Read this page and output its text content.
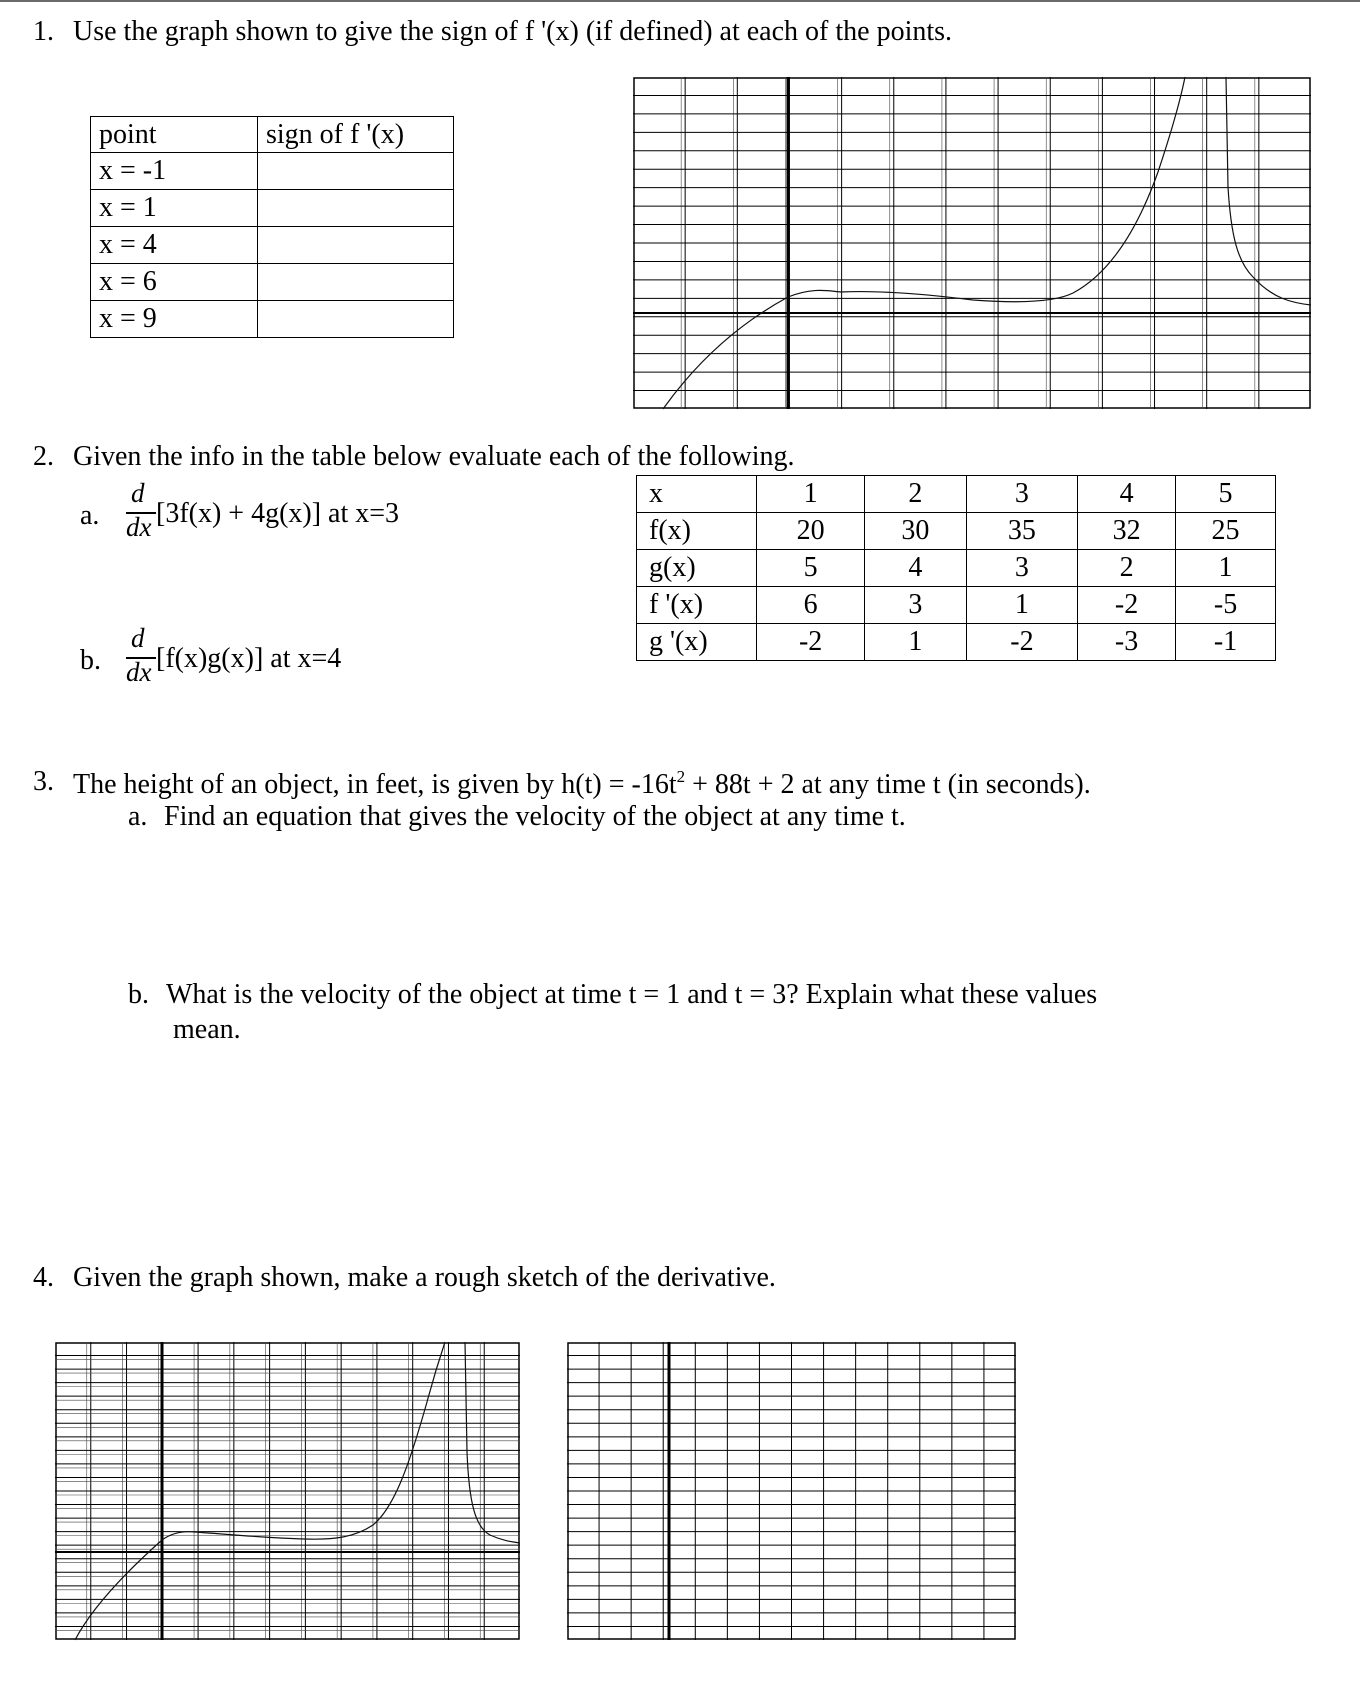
1. Use the graph shown to give the sign of f '(x) (if defined) at each of the points.
point	sign of f '(x)
x = -1	
x = 1	
x = 4	
x = 6	
x = 9	
2. Given the info in the table below evaluate each of the following.
a.
d
dx [3f(x) + 4g(x)] at x=3
b.
d
dx [f(x)g(x)] at x=4
x	1	2	3	4	5
f(x)	20	30	35	32	25
g(x)	5	4	3	2	1
f '(x)	6	3	1	-2	-5
g '(x)	-2	1	-2	-3	-1
3. The height of an object, in feet, is given by $h(t) = -16t^2 + 88t + 2$ at any time t (in seconds).
a. Find an equation that gives the velocity of the object at any time t.
b. What is the velocity of the object at time t = 1 and t = 3? Explain what these values
mean.
4. Given the graph shown, make a rough sketch of the derivative.
